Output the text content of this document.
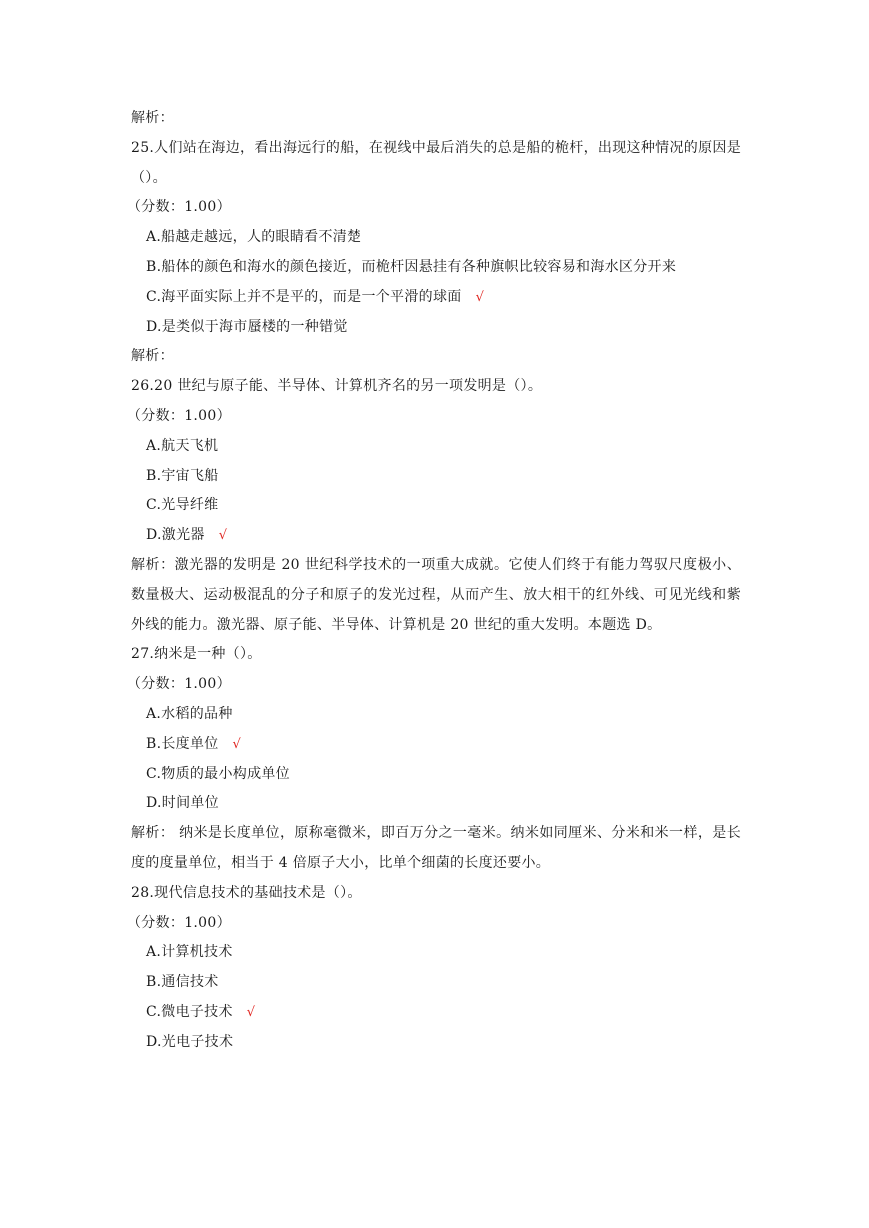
解析：
25.人们站在海边，看出海远行的船，在视线中最后消失的总是船的桅杆，出现这种情况的原因是（）。
（分数：1.00）
A.船越走越远，人的眼睛看不清楚
B.船体的颜色和海水的颜色接近，而桅杆因悬挂有各种旗帜比较容易和海水区分开来
C.海平面实际上并不是平的，而是一个平滑的球面 √
D.是类似于海市蜃楼的一种错觉
解析：
26.20 世纪与原子能、半导体、计算机齐名的另一项发明是（）。
（分数：1.00）
A.航天飞机
B.宇宙飞船
C.光导纤维
D.激光器 √
解析：激光器的发明是 20 世纪科学技术的一项重大成就。它使人们终于有能力驾驭尺度极小、数量极大、运动极混乱的分子和原子的发光过程，从而产生、放大相干的红外线、可见光线和紫外线的能力。激光器、原子能、半导体、计算机是 20 世纪的重大发明。本题选 D。
27.纳米是一种（）。
（分数：1.00）
A.水稻的品种
B.长度单位 √
C.物质的最小构成单位
D.时间单位
解析： 纳米是长度单位，原称毫微米，即百万分之一毫米。纳米如同厘米、分米和米一样，是长度的度量单位，相当于 4 倍原子大小，比单个细菌的长度还要小。
28.现代信息技术的基础技术是（）。
（分数：1.00）
A.计算机技术
B.通信技术
C.微电子技术 √
D.光电子技术
